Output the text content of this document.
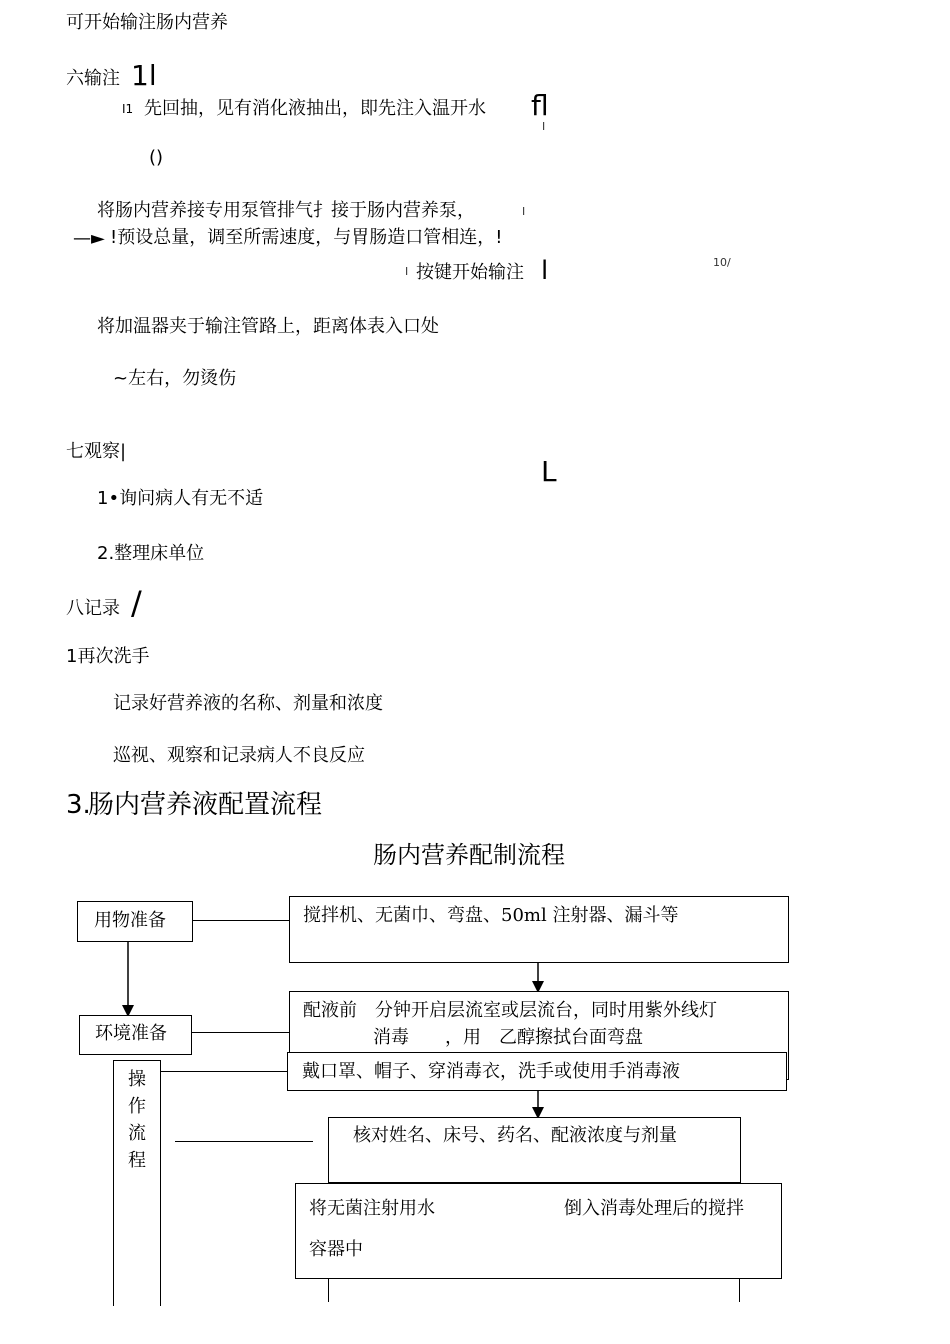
可开始输注肠内营养
六输注 1l
I1 先回抽，见有消化液抽出，即先注入温开水 fl
I
()
将肠内营养接专用泵管排气扌接于肠内营养泵，	I
—► !预设总量，调至所需速度，与胃肠造口管相连，!
I 按键开始输注 l	10/
将加温器夹于输注管路上，距离体表入口处
~左右，勿烫伤
七观察|
L
1•询问病人有无不适
2.整理床单位
八记录 /
1再次洗手
记录好营养液的名称、剂量和浓度
巡视、观察和记录病人不良反应
3.
肠内营养液配置流程
肠内营养配制流程
用物准备
环境准备
操
作
流
程
搅拌机、无菌巾、弯盘、50ml 注射器、漏斗等
配液前　分钟开启层流室或层流台，同时用紫外线灯
消毒　　，用　乙醇擦拭台面弯盘
戴口罩、帽子、穿消毒衣，洗手或使用手消毒液
核对姓名、床号、药名、配液浓度与剂量
将无菌注射用水	倒入消毒处理后的搅拌
容器中
